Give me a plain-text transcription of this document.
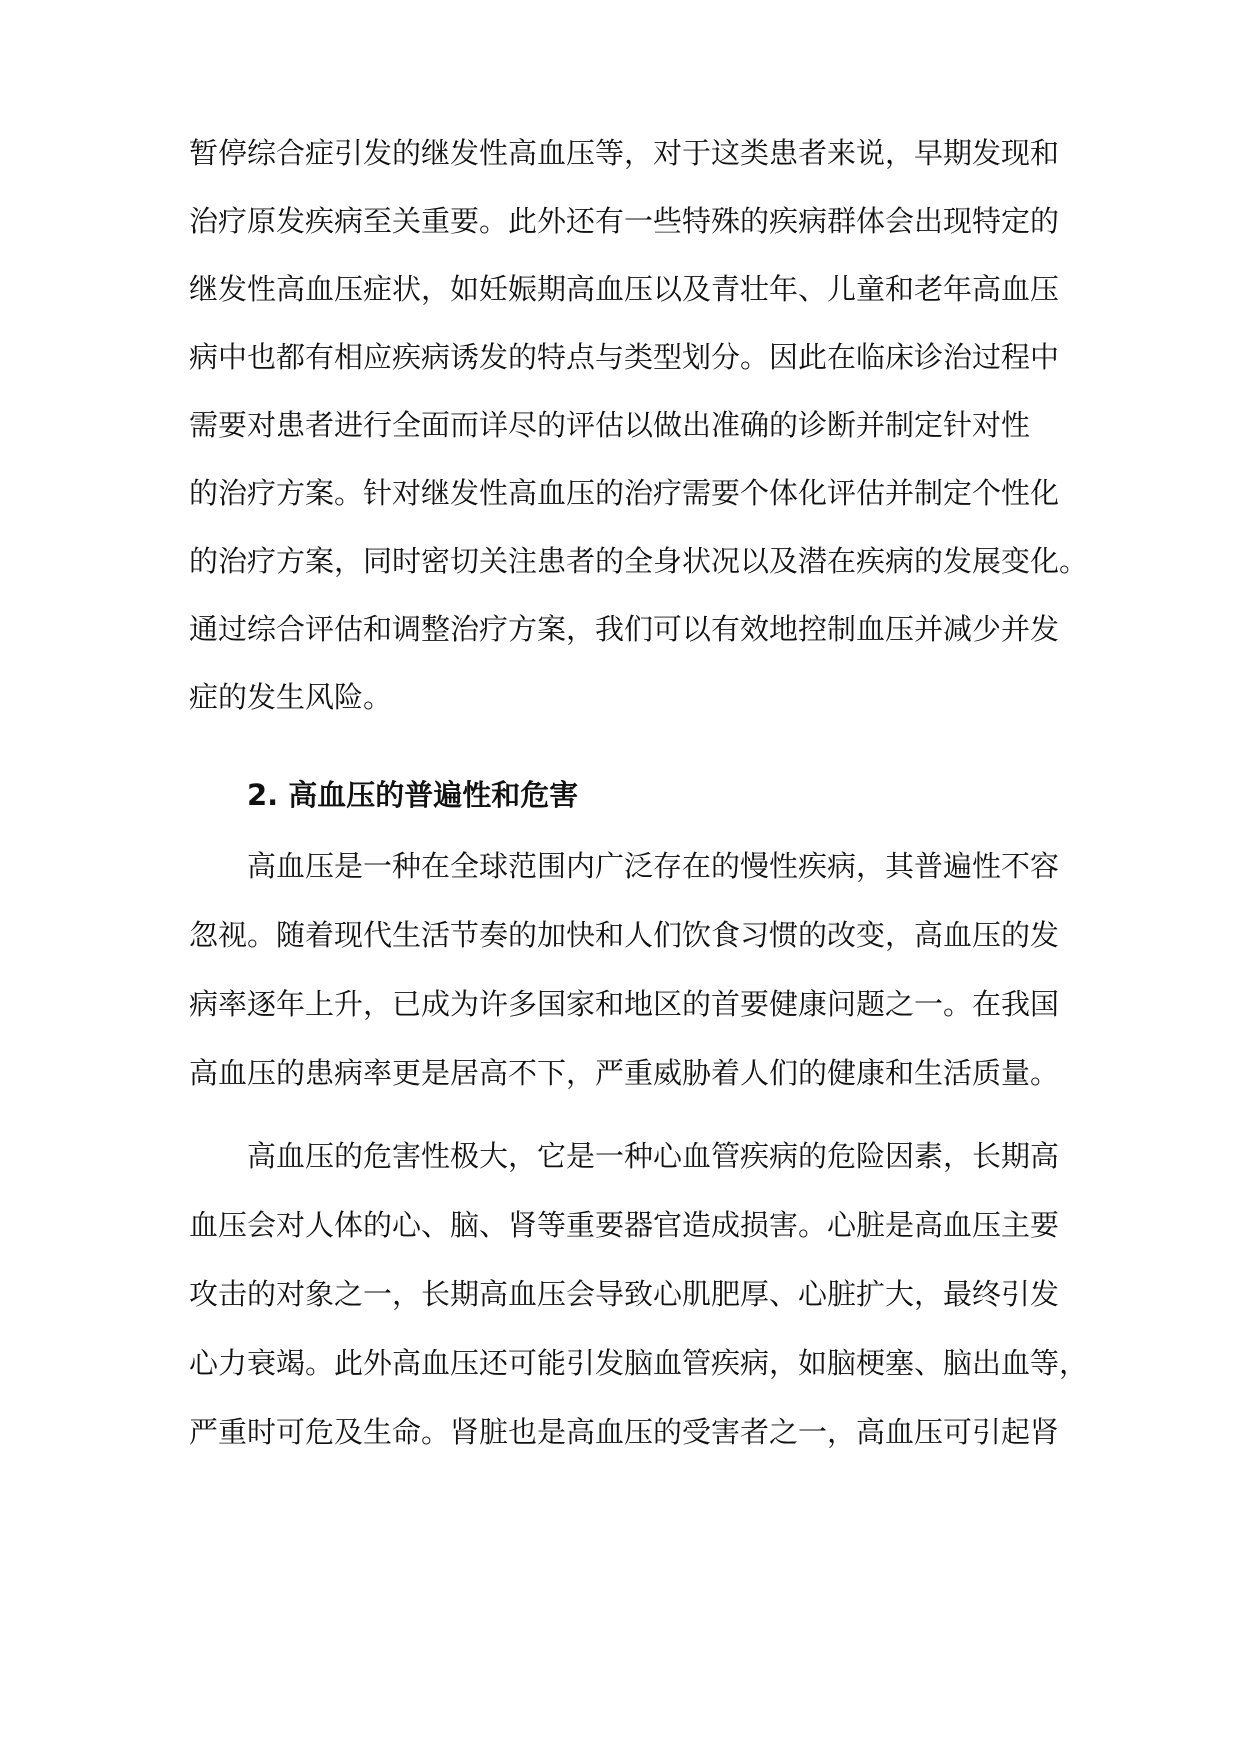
暂停综合症引发的继发性高血压等，对于这类患者来说，早期发现和
治疗原发疾病至关重要。此外还有一些特殊的疾病群体会出现特定的
继发性高血压症状，如妊娠期高血压以及青壮年、儿童和老年高血压
病中也都有相应疾病诱发的特点与类型划分。因此在临床诊治过程中
需要对患者进行全面而详尽的评估以做出准确的诊断并制定针对性
的治疗方案。针对继发性高血压的治疗需要个体化评估并制定个性化
的治疗方案，同时密切关注患者的全身状况以及潜在疾病的发展变化。
通过综合评估和调整治疗方案，我们可以有效地控制血压并减少并发
症的发生风险。
2. 高血压的普遍性和危害
高血压是一种在全球范围内广泛存在的慢性疾病，其普遍性不容
忽视。随着现代生活节奏的加快和人们饮食习惯的改变，高血压的发
病率逐年上升，已成为许多国家和地区的首要健康问题之一。在我国
高血压的患病率更是居高不下，严重威胁着人们的健康和生活质量。
高血压的危害性极大，它是一种心血管疾病的危险因素，长期高
血压会对人体的心、脑、肾等重要器官造成损害。心脏是高血压主要
攻击的对象之一，长期高血压会导致心肌肥厚、心脏扩大，最终引发
心力衰竭。此外高血压还可能引发脑血管疾病，如脑梗塞、脑出血等，
严重时可危及生命。肾脏也是高血压的受害者之一，高血压可引起肾
